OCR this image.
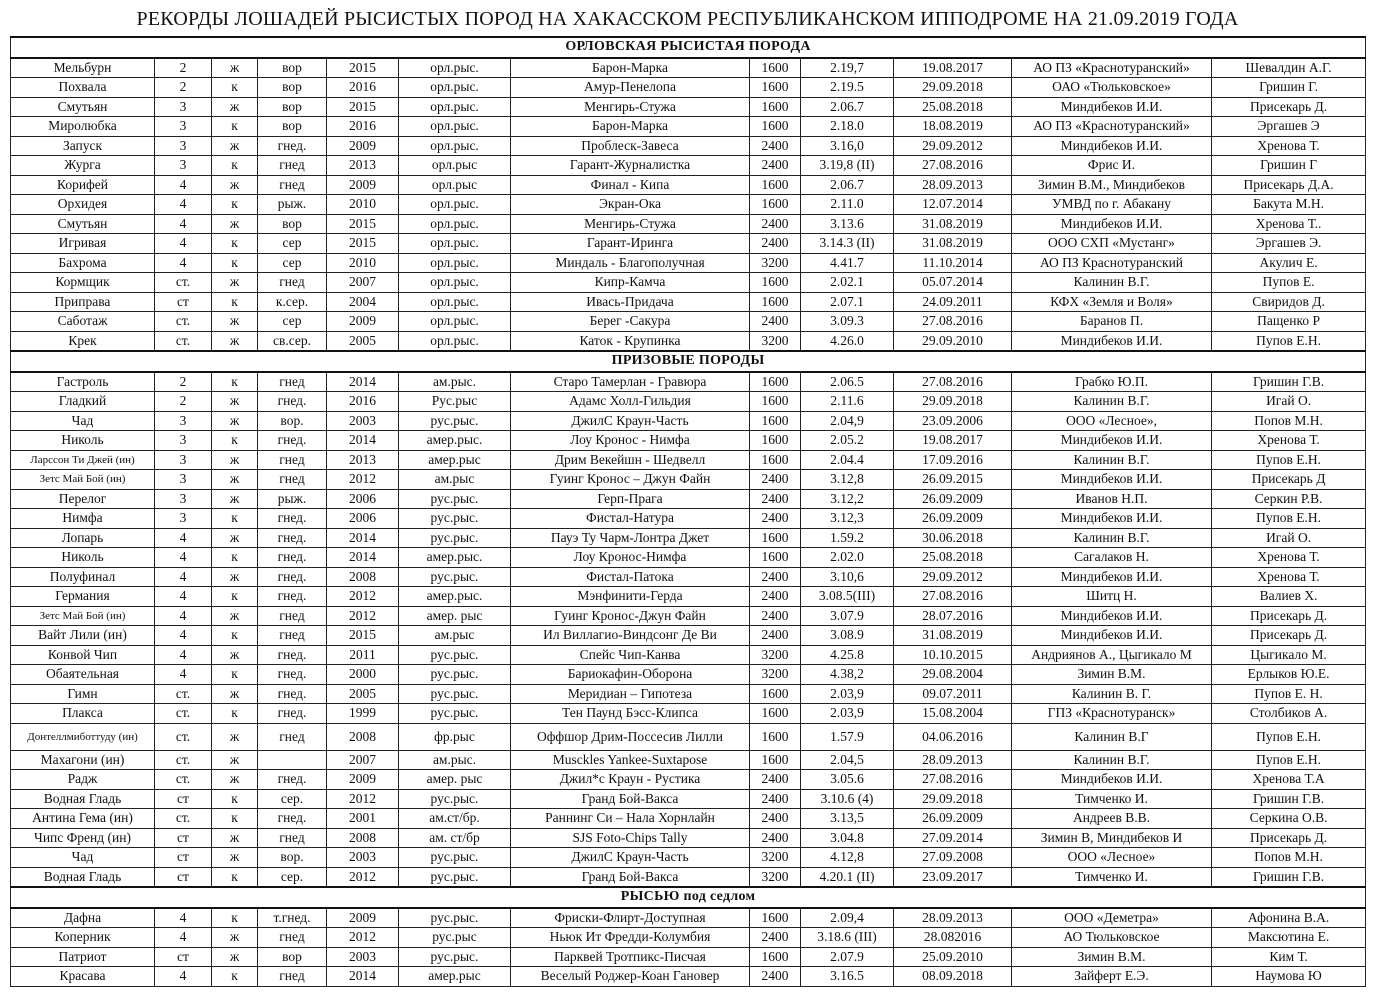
РЕКОРДЫ ЛОШАДЕЙ РЫСИСТЫХ ПОРОД НА ХАКАССКОМ РЕСПУБЛИКАНСКОМ ИППОДРОМЕ НА 21.09.2019 ГОДА
ОРЛОВСКАЯ РЫСИСТАЯ ПОРОДА											
Мельбурн	2	ж	вор	2015	орл.рыс.	Барон-Марка	1600	2.19,7	19.08.2017	АО ПЗ «Краснотуранский»	Шевалдин А.Г.
Похвала	2	к	вор	2016	орл.рыс.	Амур-Пенелопа	1600	2.19.5	29.09.2018	ОАО «Тюльковское»	Гришин Г.
Смутьян	3	ж	вор	2015	орл.рыс.	Менгирь-Стужа	1600	2.06.7	25.08.2018	Миндибеков И.И.	Присекарь Д.
Миролюбка	3	к	вор	2016	орл.рыс.	Барон-Марка	1600	2.18.0	18.08.2019	АО ПЗ «Краснотуранский»	Эргашев Э
Запуск	3	ж	гнед.	2009	орл.рыс.	Проблеск-Завеса	2400	3.16,0	29.09.2012	Миндибеков И.И.	Хренова Т.
Журга	3	к	гнед	2013	орл.рыс	Гарант-Журналистка	2400	3.19,8 (II)	27.08.2016	Фрис И.	Гришин Г
Корифей	4	ж	гнед	2009	орл.рыс	Финал - Кипа	1600	2.06.7	28.09.2013	Зимин В.М., Миндибеков	Присекарь Д.А.
Орхидея	4	к	рыж.	2010	орл.рыс.	Экран-Ока	1600	2.11.0	12.07.2014	УМВД по г. Абакану	Бакута М.Н.
Смутьян	4	ж	вор	2015	орл.рыс.	Менгирь-Стужа	2400	3.13.6	31.08.2019	Миндибеков И.И.	Хренова Т..
Игривая	4	к	сер	2015	орл.рыс.	Гарант-Иринга	2400	3.14.3 (II)	31.08.2019	ООО СХП «Мустанг»	Эргашев Э.
Бахрома	4	к	сер	2010	орл.рыс.	Миндаль - Благополучная	3200	4.41.7	11.10.2014	АО ПЗ Краснотуранский	Акулич Е.
Кормщик	ст.	ж	гнед	2007	орл.рыс.	Кипр-Камча	1600	2.02.1	05.07.2014	Калинин В.Г.	Пупов Е.
Приправа	ст	к	к.сер.	2004	орл.рыс.	Ивась-Придача	1600	2.07.1	24.09.2011	КФХ «Земля и Воля»	Свиридов Д.
Саботаж	ст.	ж	сер	2009	орл.рыс.	Берег -Сакура	2400	3.09.3	27.08.2016	Баранов П.	Пащенко Р
Крек	ст.	ж	св.сер.	2005	орл.рыс.	Каток - Крупинка	3200	4.26.0	29.09.2010	Миндибеков И.И.	Пупов Е.Н.
ПРИЗОВЫЕ ПОРОДЫ											
Гастроль	2	к	гнед	2014	ам.рыс.	Старо Тамерлан - Гравюра	1600	2.06.5	27.08.2016	Грабко Ю.П.	Гришин Г.В.
Гладкий	2	ж	гнед.	2016	Рус.рыс	Адамс Холл-Гильдия	1600	2.11.6	29.09.2018	Калинин В.Г.	Игай О.
Чад	3	ж	вор.	2003	рус.рыс.	ДжилС Краун-Часть	1600	2.04,9	23.09.2006	ООО «Лесное»,	Попов М.Н.
Николь	3	к	гнед.	2014	амер.рыс.	Лоу Кронос - Нимфа	1600	2.05.2	19.08.2017	Миндибеков И.И.	Хренова Т.
Ларссон Ти Джей (ин)	3	ж	гнед	2013	амер.рыс	Дрим Векейшн - Шедвелл	1600	2.04.4	17.09.2016	Калинин В.Г.	Пупов Е.Н.
Зетс Май Бой (ин)	3	ж	гнед	2012	ам.рыс	Гуинг Кронос – Джун Файн	2400	3.12,8	26.09.2015	Миндибеков И.И.	Присекарь Д
Перелог	3	ж	рыж.	2006	рус.рыс.	Герп-Прага	2400	3.12,2	26.09.2009	Иванов Н.П.	Серкин Р.В.
Нимфа	3	к	гнед.	2006	рус.рыс.	Фистал-Натура	2400	3.12,3	26.09.2009	Миндибеков И.И.	Пупов Е.Н.
Лопарь	4	ж	гнед.	2014	рус.рыс.	Пауэ Ту Чарм-Лонтра Джет	1600	1.59.2	30.06.2018	Калинин В.Г.	Игай О.
Николь	4	к	гнед.	2014	амер.рыс.	Лоу Кронос-Нимфа	1600	2.02.0	25.08.2018	Сагалаков Н.	Хренова Т.
Полуфинал	4	ж	гнед.	2008	рус.рыс.	Фистал-Патока	2400	3.10,6	29.09.2012	Миндибеков И.И.	Хренова Т.
Германия	4	к	гнед.	2012	амер.рыс.	Мэнфинити-Герда	2400	3.08.5(III)	27.08.2016	Шитц Н.	Валиев Х.
Зетс Май Бой (ин)	4	ж	гнед	2012	амер. рыс	Гуинг Кронос-Джун Файн	2400	3.07.9	28.07.2016	Миндибеков И.И.	Присекарь Д.
Вайт Лили (ин)	4	к	гнед	2015	ам.рыс	Ил Виллагио-Виндсонг Де Ви	2400	3.08.9	31.08.2019	Миндибеков И.И.	Присекарь Д.
Конвой Чип	4	ж	гнед.	2011	рус.рыс.	Спейс Чип-Канва	3200	4.25.8	10.10.2015	Андриянов А., Цыгикало М	Цыгикало М.
Обаятельная	4	к	гнед.	2000	рус.рыс.	Бариокафин-Оборона	3200	4.38,2	29.08.2004	Зимин В.М.	Ерлыков Ю.Е.
Гимн	ст.	ж	гнед.	2005	рус.рыс.	Меридиан – Гипотеза	1600	2.03,9	09.07.2011	Калинин В. Г.	Пупов Е. Н.
Плакса	ст.	к	гнед.	1999	рус.рыс.	Тен Паунд Бэсс-Клипса	1600	2.03,9	15.08.2004	ГПЗ «Краснотуранск»	Столбиков А.
Донтеллмиботтуду (ин)	ст.	ж	гнед	2008	фр.рыс	Оффшор Дрим-Поссесив Лилли	1600	1.57.9	04.06.2016	Калинин В.Г	Пупов Е.Н.
Махагони (ин)	ст.	ж		2007	ам.рыс.	Musckles Yankee-Suxtapose	1600	2.04,5	28.09.2013	Калинин В.Г.	Пупов Е.Н.
Радж	ст.	ж	гнед.	2009	амер. рыс	Джил*с Краун - Рустика	2400	3.05.6	27.08.2016	Миндибеков И.И.	Хренова Т.А
Водная Гладь	ст	к	сер.	2012	рус.рыс.	Гранд Бой-Вакса	2400	3.10.6 (4)	29.09.2018	Тимченко И.	Гришин Г.В.
Антина Гема (ин)	ст.	к	гнед.	2001	ам.ст/бр.	Раннинг Си – Нала Хорнлайн	2400	3.13,5	26.09.2009	Андреев В.В.	Серкина О.В.
Чипс Френд (ин)	ст	ж	гнед	2008	ам. ст/бр	SJS Foto-Chips Tally	2400	3.04.8	27.09.2014	Зимин В, Миндибеков И	Присекарь Д.
Чад	ст	ж	вор.	2003	рус.рыс.	ДжилС Краун-Часть	3200	4.12,8	27.09.2008	ООО «Лесное»	Попов М.Н.
Водная Гладь	ст	к	сер.	2012	рус.рыс.	Гранд Бой-Вакса	3200	4.20.1 (II)	23.09.2017	Тимченко И.	Гришин Г.В.
РЫСЬЮ под седлом											
Дафна	4	к	т.гнед.	2009	рус.рыс.	Фриски-Флирт-Доступная	1600	2.09,4	28.09.2013	ООО «Деметра»	Афонина В.А.
Коперник	4	ж	гнед	2012	рус.рыс	Ньюк Ит Фредди-Колумбия	2400	3.18.6 (III)	28.082016	АО Тюльковское	Максютина Е.
Патриот	ст	ж	вор	2003	рус.рыс.	Парквей Тротпикс-Писчая	1600	2.07.9	25.09.2010	Зимин В.М.	Ким Т.
Красава	4	к	гнед	2014	амер.рыс	Веселый Роджер-Коан Гановер	2400	3.16.5	08.09.2018	Зайферт Е.Э.	Наумова Ю
